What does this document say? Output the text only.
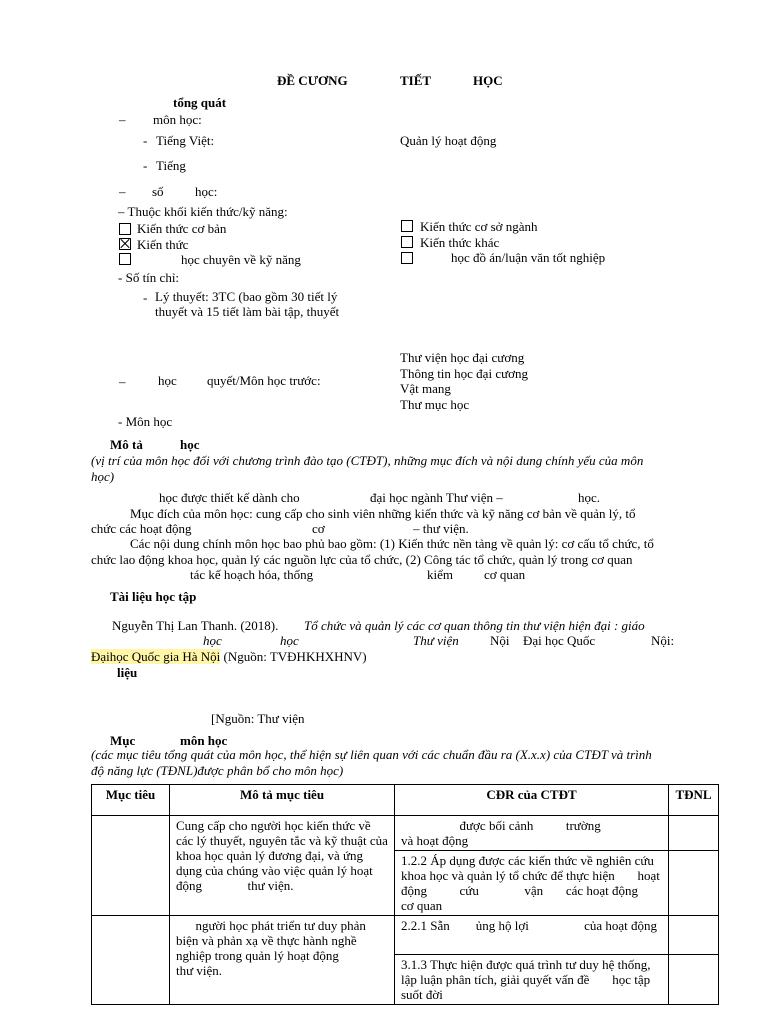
ĐỀ CƯƠNG	TIẾT	HỌC
tổng quát
– môn học:
- Tiếng Việt:	Quản lý hoạt động
- Tiếng
– số học:
– Thuộc khối kiến thức/kỹ năng:
Kiến thức cơ bản
Kiến thức
học chuyên về kỹ năng
Kiến thức cơ sở ngành
Kiến thức khác
học đồ án/luận văn tốt nghiệp
- Số tín chỉ:
- Lý thuyết: 3TC (bao gồm 30 tiết lý
thuyết và 15 tiết làm bài tập, thuyết
Thư viện học đại cương
Thông tin học đại cương
Vật mang
Thư mục học
–	học quyết/Môn học trước:
- Môn học
Mô tả	học
(vị trí của môn học đối với chương trình đào tạo (CTĐT), những mục đích và nội dung chính yếu của môn
học)
học được thiết kế dành cho	đại học ngành Thư viện –	học.
Mục đích của môn học: cung cấp cho sinh viên những kiến thức và kỹ năng cơ bản về quản lý, tổ
chức các hoạt động	cơ	– thư viện.
Các nội dung chính môn học bao phủ bao gồm: (1) Kiến thức nền tảng về quản lý: cơ cấu tổ chức, tổ
chức lao động khoa học, quản lý các nguồn lực của tổ chức, (2) Công tác tổ chức, quản lý trong cơ quan
tác kế hoạch hóa, thống	kiểm cơ quan
Tài liệu học tập
Nguyễn Thị Lan Thanh. (2018). Tổ chức và quản lý các cơ quan thông tin thư viện hiện đại : giáo
học	học	Thư viện Nội Đại học Quốc	Nội:
Đạihọc Quốc gia Hà Nội (Nguồn: TVĐHKHXHNV)
liệu
[Nguồn: Thư viện
Mục	môn học
(các mục tiêu tổng quát của môn học, thể hiện sự liên quan với các chuẩn đầu ra (X.x.x) của CTĐT và trình
độ năng lực (TĐNL)được phân bổ cho môn học)
Mục tiêu	Mô tả mục tiêu	CĐR của CTĐT	TĐNL

	Cung cấp cho người học kiến thức về các lý thuyết, nguyên tắc và kỹ thuật của khoa học quản lý đương đại, và ứng dụng của chúng vào việc quản lý hoạt động              thư viện.	được bối cảnh          trường                  và hoạt động	

		1.2.2 Áp dụng được các kiến thức về nghiên cứu khoa học và quản lý tổ chức để thực hiện       hoạt động          cứu              vận       các hoạt động          cơ quan	

	người học phát triển tư duy phản biện và phản xạ về thực hành nghề nghiệp trong quản lý hoạt động              thư viện.	2.2.1 Sẵn        ủng hộ lợi                 của hoạt động	

		3.1.3 Thực hiện được quá trình tư duy hệ thống, lập luận phân tích, giải quyết vấn đề       học tập suốt đời	
